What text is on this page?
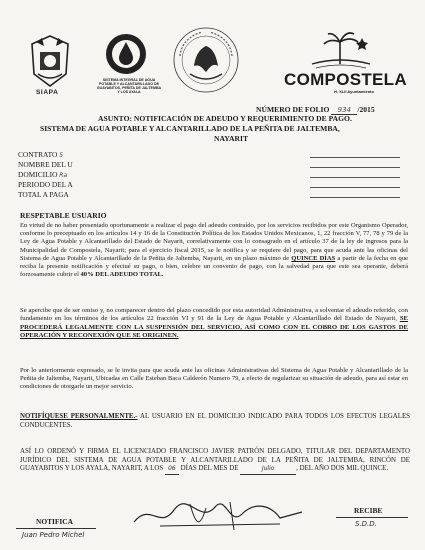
SIAPA
SISTEMA INTEGRAL DE AGUA POTABLE Y ALCANTARILLADO DE GUAYABITOS, PEÑITA DE JALTEMBA Y LOS AYALA
COMPOSTELA
H. XLII Ayuntamiento
NÚMERO DE FOLIO 934 /2015
ASUNTO: NOTIFICACIÓN DE ADEUDO Y REQUERIMIENTO DE PAGO.
SISTEMA DE AGUA POTABLE Y ALCANTARILLADO DE LA PEÑITA DE JALTEMBA,
NAYARIT
CONTRATO 5
NOMBRE DEL U
DOMICILIO Ra
PERIODO DEL A
TOTAL A PAGA
RESPETABLE USUARIO
En virtud de no haber presentado oportunamente a realizar el pago del adeudo contraído, por los servicios recibidos por este Organismo Operador, conforme lo preceptuado en los artículos 14 y 16 de la Constitución Política de los Estados Unidos Mexicanos, 1, 22 fracción V, 77, 78 y 79 de la Ley de Agua Potable y Alcantarillado del Estado de Nayarit, correlativamente con lo consagrado en el artículo 37 de la ley de ingresos para la Municipalidad de Compostela, Nayarit; para el ejercicio fiscal 2015, se le notifica y se requiere del pago, para que acuda ante las oficinas del Sistema de Agua Potable y Alcantarillado de la Peñita de Jaltemba, Nayarit, en un plazo máximo de QUINCE DÍAS a partir de la fecha en que reciba la presente notificación y efectué su pago, o bien, celebre un convenio de pago, con la salvedad para que este sea operante, deberá forzosamente cubrir el 40% DEL ADEUDO TOTAL.
Se apercibe que de ser omiso y, no comparecer dentro del plazo concedido por esta autoridad Administrativa, a solventar el adeudo referido, con fundamento en los términos de los artículos 22 fracción VI y 91 de la Ley de Agua Potable y Alcantarillado del Estado de Nayarit, SE PROCEDERÁ LEGALMENTE CON LA SUSPENSIÓN DEL SERVICIO, ASÍ COMO CON EL COBRO DE LOS GASTOS DE OPERACIÓN Y RECONEXIÓN QUE SE ORIGINEN.
Por lo anteriormente expresado, se le invita para que acuda ante las oficinas Administrativas del Sistema de Agua Potable y Alcantarillado de la Peñita de Jaltemba, Nayarit, Ubicadas en Calle Esteban Baca Calderón Numero 79, a efecto de regularizar su situación de adeudo, para así estar en condiciones de otorgarle un mejor servicio.
NOTIFÍQUESE PERSONALMENTE.- AL USUARIO EN EL DOMICILIO INDICADO PARA TODOS LOS EFECTOS LEGALES CONDUCENTES.
ASÍ LO ORDENÓ Y FIRMA EL LICENCIADO FRANCISCO JAVIER PATRÓN DELGADO, TITULAR DEL DEPARTAMENTO JURÍDICO DEL SISTEMA DE AGUA POTABLE Y ALCANTARILLADO DE LA PEÑITA DE JALTEMBA, RINCÓN DE GUAYABITOS Y LOS AYALA, NAYARIT, A LOS 06 DÍAS DEL MES DE	Julio	, DEL AÑO DOS MIL QUINCE.
NOTIFICA
Juan Pedro Michel
RECIBE
S.D.D.
